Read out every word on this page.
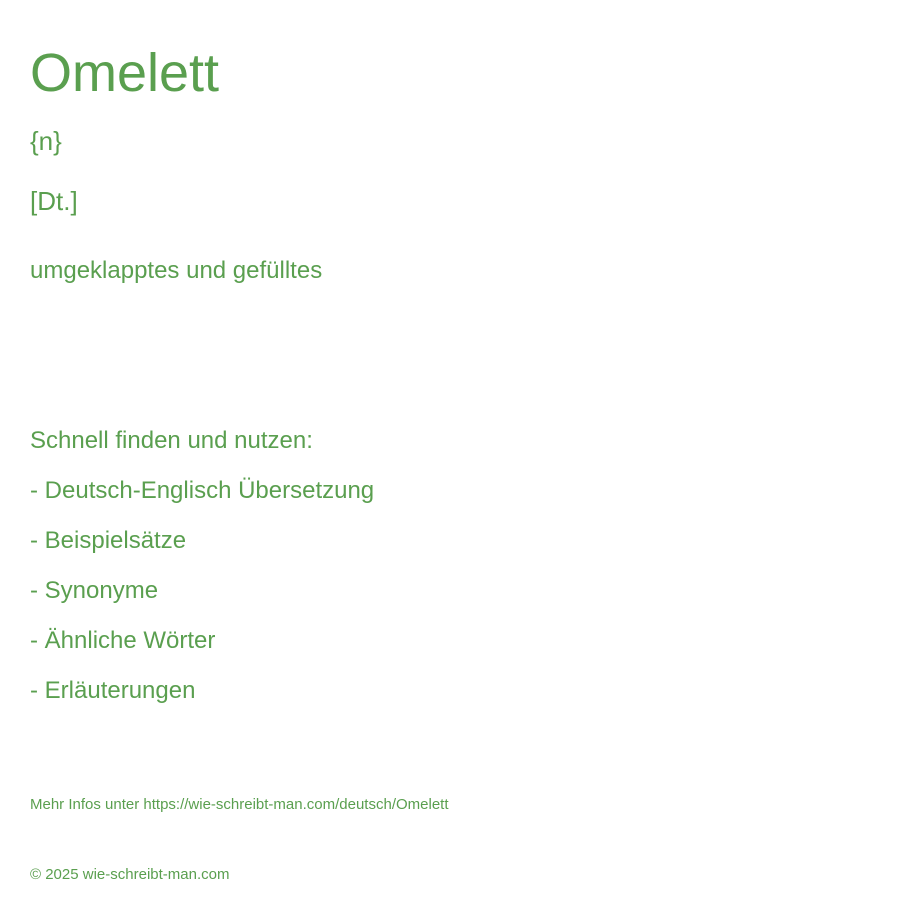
Omelett
{n}
[Dt.]
umgeklapptes und gefülltes
Schnell finden und nutzen:
- Deutsch-Englisch Übersetzung
- Beispielsätze
- Synonyme
- Ähnliche Wörter
- Erläuterungen
Mehr Infos unter https://wie-schreibt-man.com/deutsch/Omelett
© 2025 wie-schreibt-man.com
